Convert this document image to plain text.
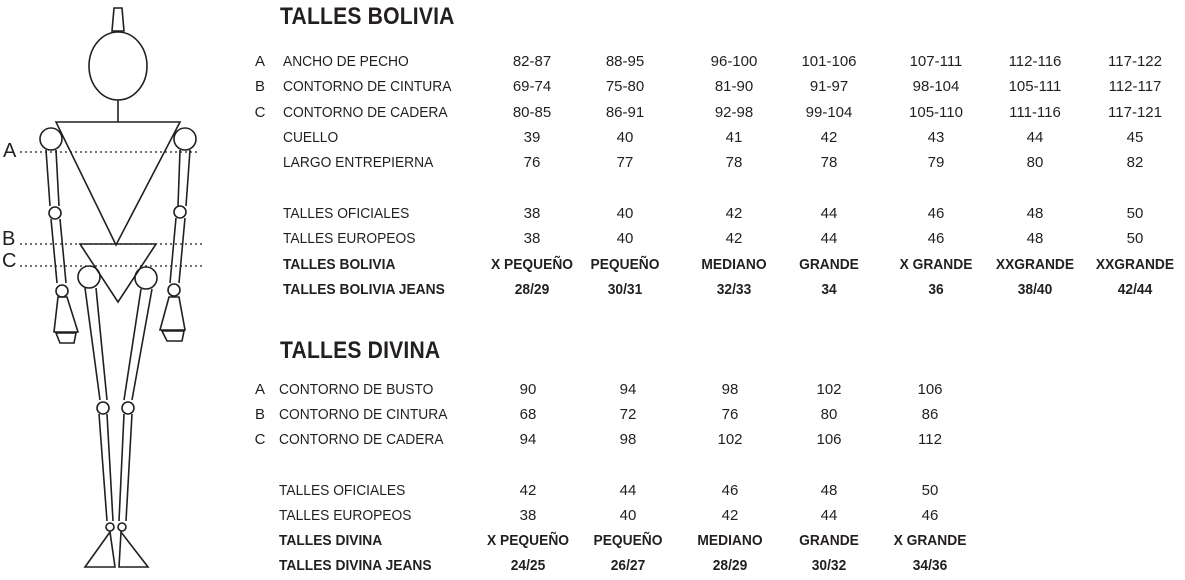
A
B
C
TALLES BOLIVIA
TALLES DIVINA
A ANCHO DE PECHO	82-87	88-95	96-100	101-106	107-111	112-116	117-122
B CONTORNO DE CINTURA	69-74	75-80	81-90	91-97	98-104	105-111	112-117
C CONTORNO DE CADERA	80-85	86-91	92-98	99-104	105-110	111-116	117-121
CUELLO	39	40	41	42	43	44	45
LARGO ENTREPIERNA	76	77	78	78	79	80	82
TALLES OFICIALES	38	40	42	44	46	48	50
TALLES EUROPEOS	38	40	42	44	46	48	50
TALLES BOLIVIA	X PEQUEÑO	PEQUEÑO	MEDIANO	GRANDE	X GRANDE	XXGRANDE	XXGRANDE
TALLES BOLIVIA JEANS	28/29	30/31	32/33	34	36	38/40	42/44
A CONTORNO DE BUSTO	90	94	98	102	106
B CONTORNO DE CINTURA	68	72	76	80	86
C CONTORNO DE CADERA	94	98	102	106	112
TALLES OFICIALES	42	44	46	48	50
TALLES EUROPEOS	38	40	42	44	46
TALLES DIVINA	X PEQUEÑO	PEQUEÑO	MEDIANO	GRANDE	X GRANDE
TALLES DIVINA JEANS	24/25	26/27	28/29	30/32	34/36
